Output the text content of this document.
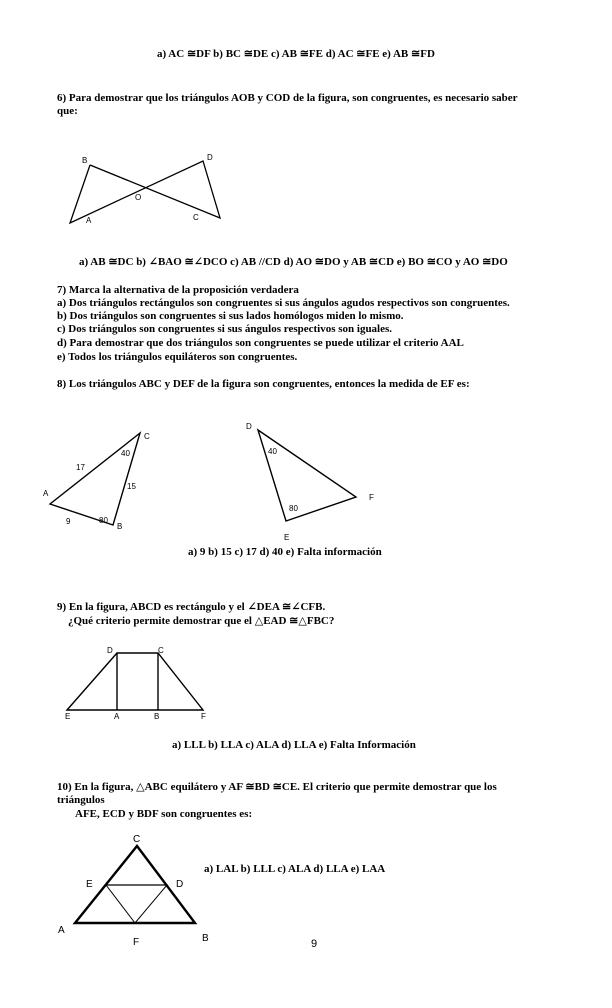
a) AC ≅DF b) BC ≅DE c) AB ≅FE d) AC ≅FE e) AB ≅FD
6) Para demostrar que los triángulos AOB y COD de la figura, son congruentes, es necesario saber
que:
B	D
O
A	C
a) AB ≅DC b) ∠BAO ≅∠DCO c) AB //CD d) AO ≅DO y AB ≅CD e) BO ≅CO y AO ≅DO
7) Marca la alternativa de la proposición verdadera
a) Dos triángulos rectángulos son congruentes si sus ángulos agudos respectivos son congruentes.
b) Dos triángulos son congruentes si sus lados homólogos miden lo mismo.
c) Dos triángulos son congruentes si sus ángulos respectivos son iguales.
d) Para demostrar que dos triángulos son congruentes se puede utilizar el criterio AAL
e) Todos los triángulos equiláteros son congruentes.
8) Los triángulos ABC y DEF de la figura son congruentes, entonces la medida de EF es:
A
B
C
9
17
15
80
40
D
E
F
40
80
a) 9 b) 15 c) 17 d) 40 e) Falta información
9) En la figura, ABCD es rectángulo y el ∠DEA ≅∠CFB.
¿Qué criterio permite demostrar que el △EAD ≅△FBC?
D	C
E	A	B	F
a) LLL b) LLA c) ALA d) LLA e) Falta Información
10) En la figura, △ABC equilátero y AF ≅BD ≅CE. El criterio que permite demostrar que los
triángulos
AFE, ECD y BDF son congruentes es:
C
E	D
A
F	B
a) LAL b) LLL c) ALA d) LLA e) LAA
9
